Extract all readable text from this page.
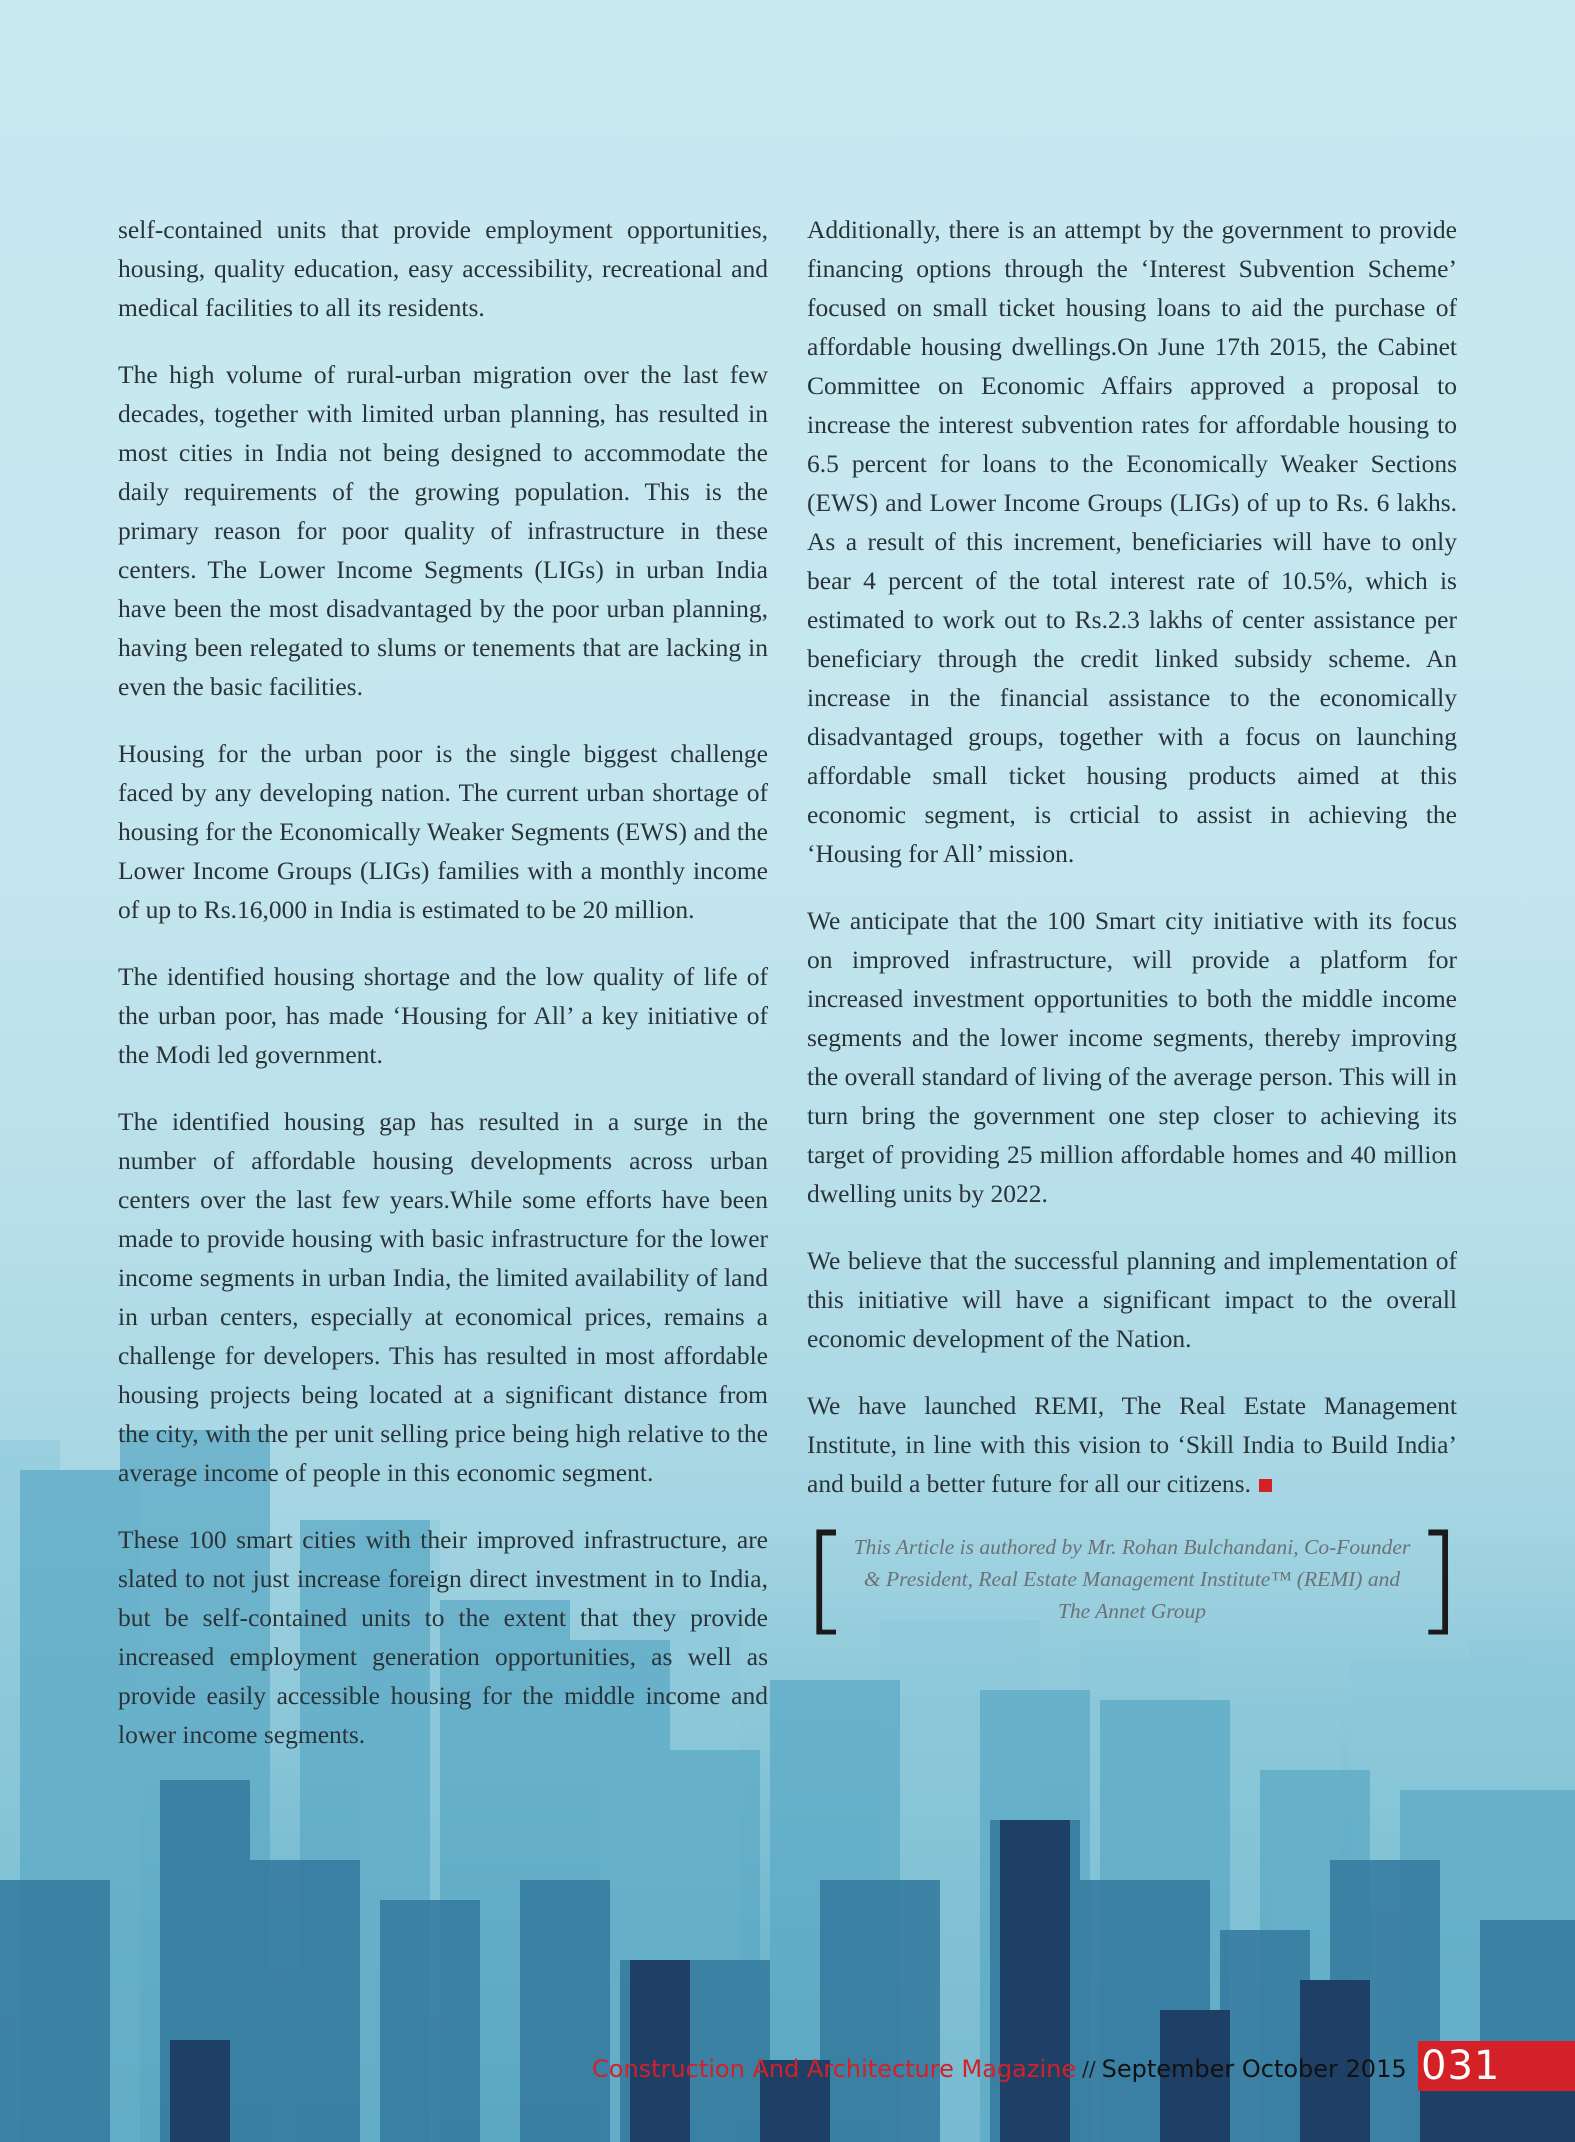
self-contained units that provide employment opportunities, housing, quality education, easy accessibility, recreational and medical facilities to all its residents.

The high volume of rural-urban migration over the last few decades, together with limited urban planning, has resulted in most cities in India not being designed to accommodate the daily requirements of the growing population. This is the primary reason for poor quality of infrastructure in these centers. The Lower Income Segments (LIGs) in urban India have been the most disadvantaged by the poor urban planning, having been relegated to slums or tenements that are lacking in even the basic facilities.

Housing for the urban poor is the single biggest challenge faced by any developing nation. The current urban shortage of housing for the Economically Weaker Segments (EWS) and the Lower Income Groups (LIGs) families with a monthly income of up to Rs.16,000 in India is estimated to be 20 million.

The identified housing shortage and the low quality of life of the urban poor, has made ‘Housing for All’ a key initiative of the Modi led government.

The identified housing gap has resulted in a surge in the number of affordable housing developments across urban centers over the last few years.While some efforts have been made to provide housing with basic infrastructure for the lower income segments in urban India, the limited availability of land in urban centers, especially at economical prices, remains a challenge for developers. This has resulted in most affordable housing projects being located at a significant distance from the city, with the per unit selling price being high relative to the average income of people in this economic segment.

These 100 smart cities with their improved infrastructure, are slated to not just increase foreign direct investment in to India, but be self-contained units to the extent that they provide increased employment generation opportunities, as well as provide easily accessible housing for the middle income and lower income segments.

Additionally, there is an attempt by the government to provide financing options through the ‘Interest Subvention Scheme’ focused on small ticket housing loans to aid the purchase of affordable housing dwellings.On June 17th 2015, the Cabinet Committee on Economic Affairs approved a proposal to increase the interest subvention rates for affordable housing to 6.5 percent for loans to the Economically Weaker Sections (EWS) and Lower Income Groups (LIGs) of up to Rs. 6 lakhs. As a result of this increment, beneficiaries will have to only bear 4 percent of the total interest rate of 10.5%, which is estimated to work out to Rs.2.3 lakhs of center assistance per beneficiary through the credit linked subsidy scheme. An increase in the financial assistance to the economically disadvantaged groups, together with a focus on launching affordable small ticket housing products aimed at this economic segment, is crticial to assist in achieving the ‘Housing for All’ mission.

We anticipate that the 100 Smart city initiative with its focus on improved infrastructure, will provide a platform for increased investment opportunities to both the middle income segments and the lower income segments, thereby improving the overall standard of living of the average person. This will in turn bring the government one step closer to achieving its target of providing 25 million affordable homes and 40 million dwelling units by 2022.

We believe that the successful planning and implementation of this initiative will have a significant impact to the overall economic development of the Nation.

We have launched REMI, The Real Estate Management Institute, in line with this vision to ‘Skill India to Build India’ and build a better future for all our citizens.

[ This Article is authored by Mr. Rohan Bulchandani, Co-Founder & President, Real Estate Management Institute™ (REMI) and The Annet Group ]
Construction And Architecture Magazine // September October 2015 031
